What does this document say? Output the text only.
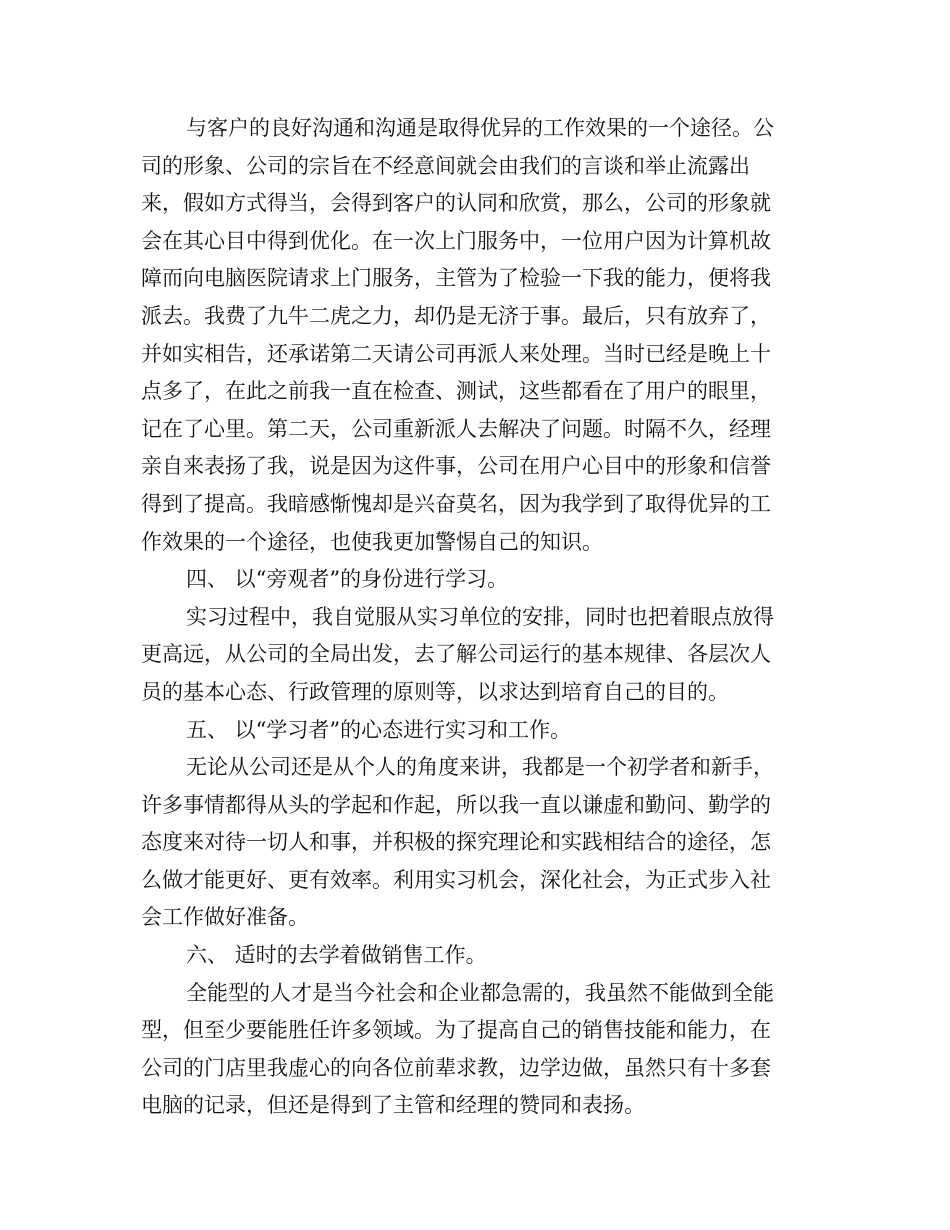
与客户的良好沟通和沟通是取得优异的工作效果的一个途径。公
司的形象、公司的宗旨在不经意间就会由我们的言谈和举止流露出
来，假如方式得当，会得到客户的认同和欣赏，那么，公司的形象就
会在其心目中得到优化。在一次上门服务中，一位用户因为计算机故
障而向电脑医院请求上门服务，主管为了检验一下我的能力，便将我
派去。我费了九牛二虎之力，却仍是无济于事。最后，只有放弃了，
并如实相告，还承诺第二天请公司再派人来处理。当时已经是晚上十
点多了，在此之前我一直在检查、测试，这些都看在了用户的眼里，
记在了心里。第二天，公司重新派人去解决了问题。时隔不久，经理
亲自来表扬了我，说是因为这件事，公司在用户心目中的形象和信誉
得到了提高。我暗感惭愧却是兴奋莫名，因为我学到了取得优异的工
作效果的一个途径，也使我更加警惕自己的知识。
四、 以“旁观者”的身份进行学习。
实习过程中，我自觉服从实习单位的安排，同时也把着眼点放得
更高远，从公司的全局出发，去了解公司运行的基本规律、各层次人
员的基本心态、行政管理的原则等，以求达到培育自己的目的。
五、 以“学习者”的心态进行实习和工作。
无论从公司还是从个人的角度来讲，我都是一个初学者和新手，
许多事情都得从头的学起和作起，所以我一直以谦虚和勤问、勤学的
态度来对待一切人和事，并积极的探究理论和实践相结合的途径，怎
么做才能更好、更有效率。利用实习机会，深化社会，为正式步入社
会工作做好准备。
六、 适时的去学着做销售工作。
全能型的人才是当今社会和企业都急需的，我虽然不能做到全能
型，但至少要能胜任许多领域。为了提高自己的销售技能和能力，在
公司的门店里我虚心的向各位前辈求教，边学边做，虽然只有十多套
电脑的记录，但还是得到了主管和经理的赞同和表扬。
